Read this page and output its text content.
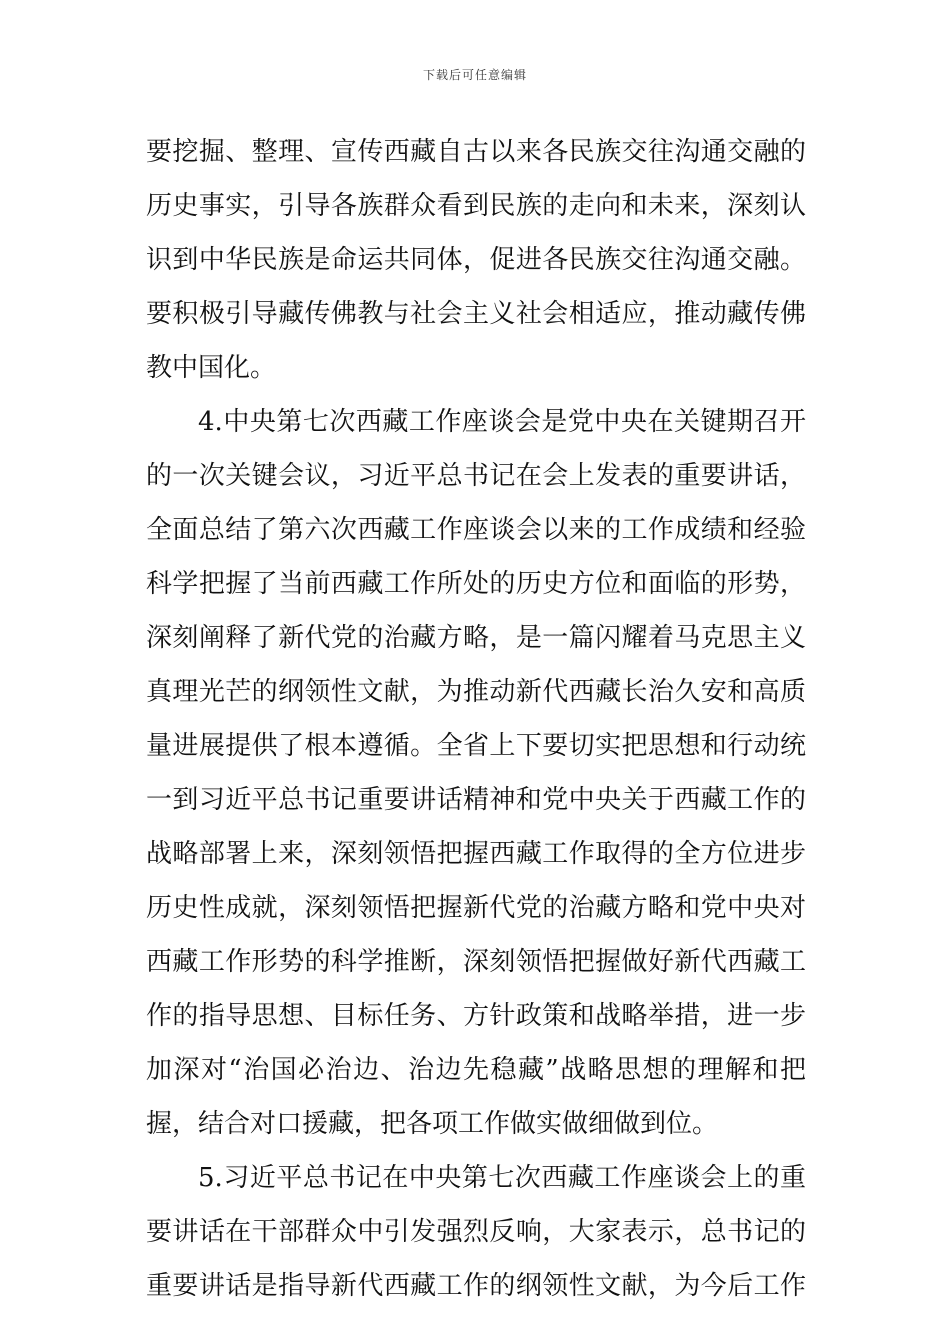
下载后可任意编辑
要挖掘、整理、宣传西藏自古以来各民族交往沟通交融的
历史事实，引导各族群众看到民族的走向和未来，深刻认
识到中华民族是命运共同体，促进各民族交往沟通交融。
要积极引导藏传佛教与社会主义社会相适应，推动藏传佛
教中国化。
4.中央第七次西藏工作座谈会是党中央在关键期召开
的一次关键会议，习近平总书记在会上发表的重要讲话，
全面总结了第六次西藏工作座谈会以来的工作成绩和经验
科学把握了当前西藏工作所处的历史方位和面临的形势，
深刻阐释了新代党的治藏方略，是一篇闪耀着马克思主义
真理光芒的纲领性文献，为推动新代西藏长治久安和高质
量进展提供了根本遵循。全省上下要切实把思想和行动统
一到习近平总书记重要讲话精神和党中央关于西藏工作的
战略部署上来，深刻领悟把握西藏工作取得的全方位进步
历史性成就，深刻领悟把握新代党的治藏方略和党中央对
西藏工作形势的科学推断，深刻领悟把握做好新代西藏工
作的指导思想、目标任务、方针政策和战略举措，进一步
加深对“治国必治边、治边先稳藏”战略思想的理解和把
握，结合对口援藏，把各项工作做实做细做到位。
5.习近平总书记在中央第七次西藏工作座谈会上的重
要讲话在干部群众中引发强烈反响，大家表示，总书记的
重要讲话是指导新代西藏工作的纲领性文献，为今后工作
